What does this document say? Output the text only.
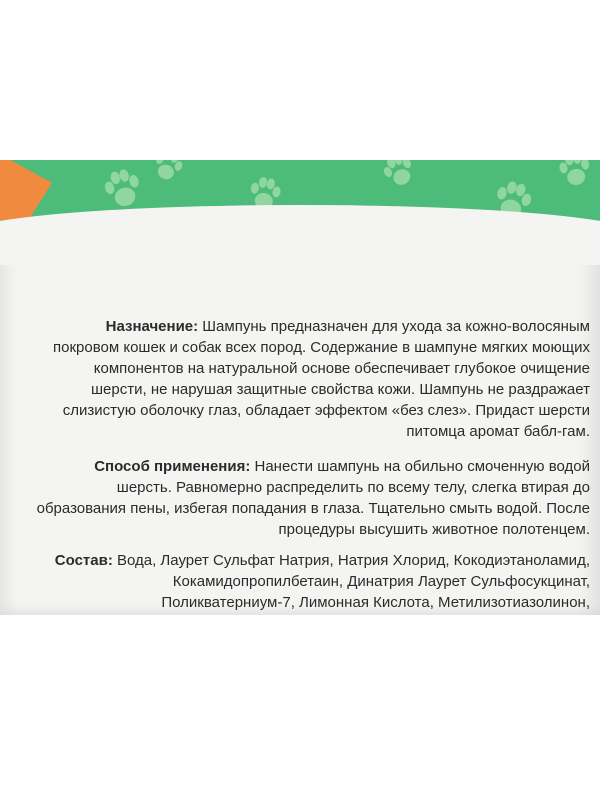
Назначение: Шампунь предназначен для ухода за кожно-волосяным
покровом кошек и собак всех пород. Содержание в шампуне мягких моющих
компонентов на натуральной основе обеспечивает глубокое очищение
шерсти, не нарушая защитные свойства кожи. Шампунь не раздражает
слизистую оболочку глаз, обладает эффектом «без слез». Придаст шерсти
питомца аромат бабл-гам.
Способ применения: Нанести шампунь на обильно смоченную водой
шерсть. Равномерно распределить по всему телу, слегка втирая до
образования пены, избегая попадания в глаза. Тщательно смыть водой. После
процедуры высушить животное полотенцем.
Состав: Вода, Лаурет Сульфат Натрия, Натрия Хлорид, Кокодиэтаноламид,
Кокамидопропилбетаин, Динатрия Лаурет Сульфосукцинат,
Поликватерниум-7, Лимонная Кислота, Метилизотиазолинон,
